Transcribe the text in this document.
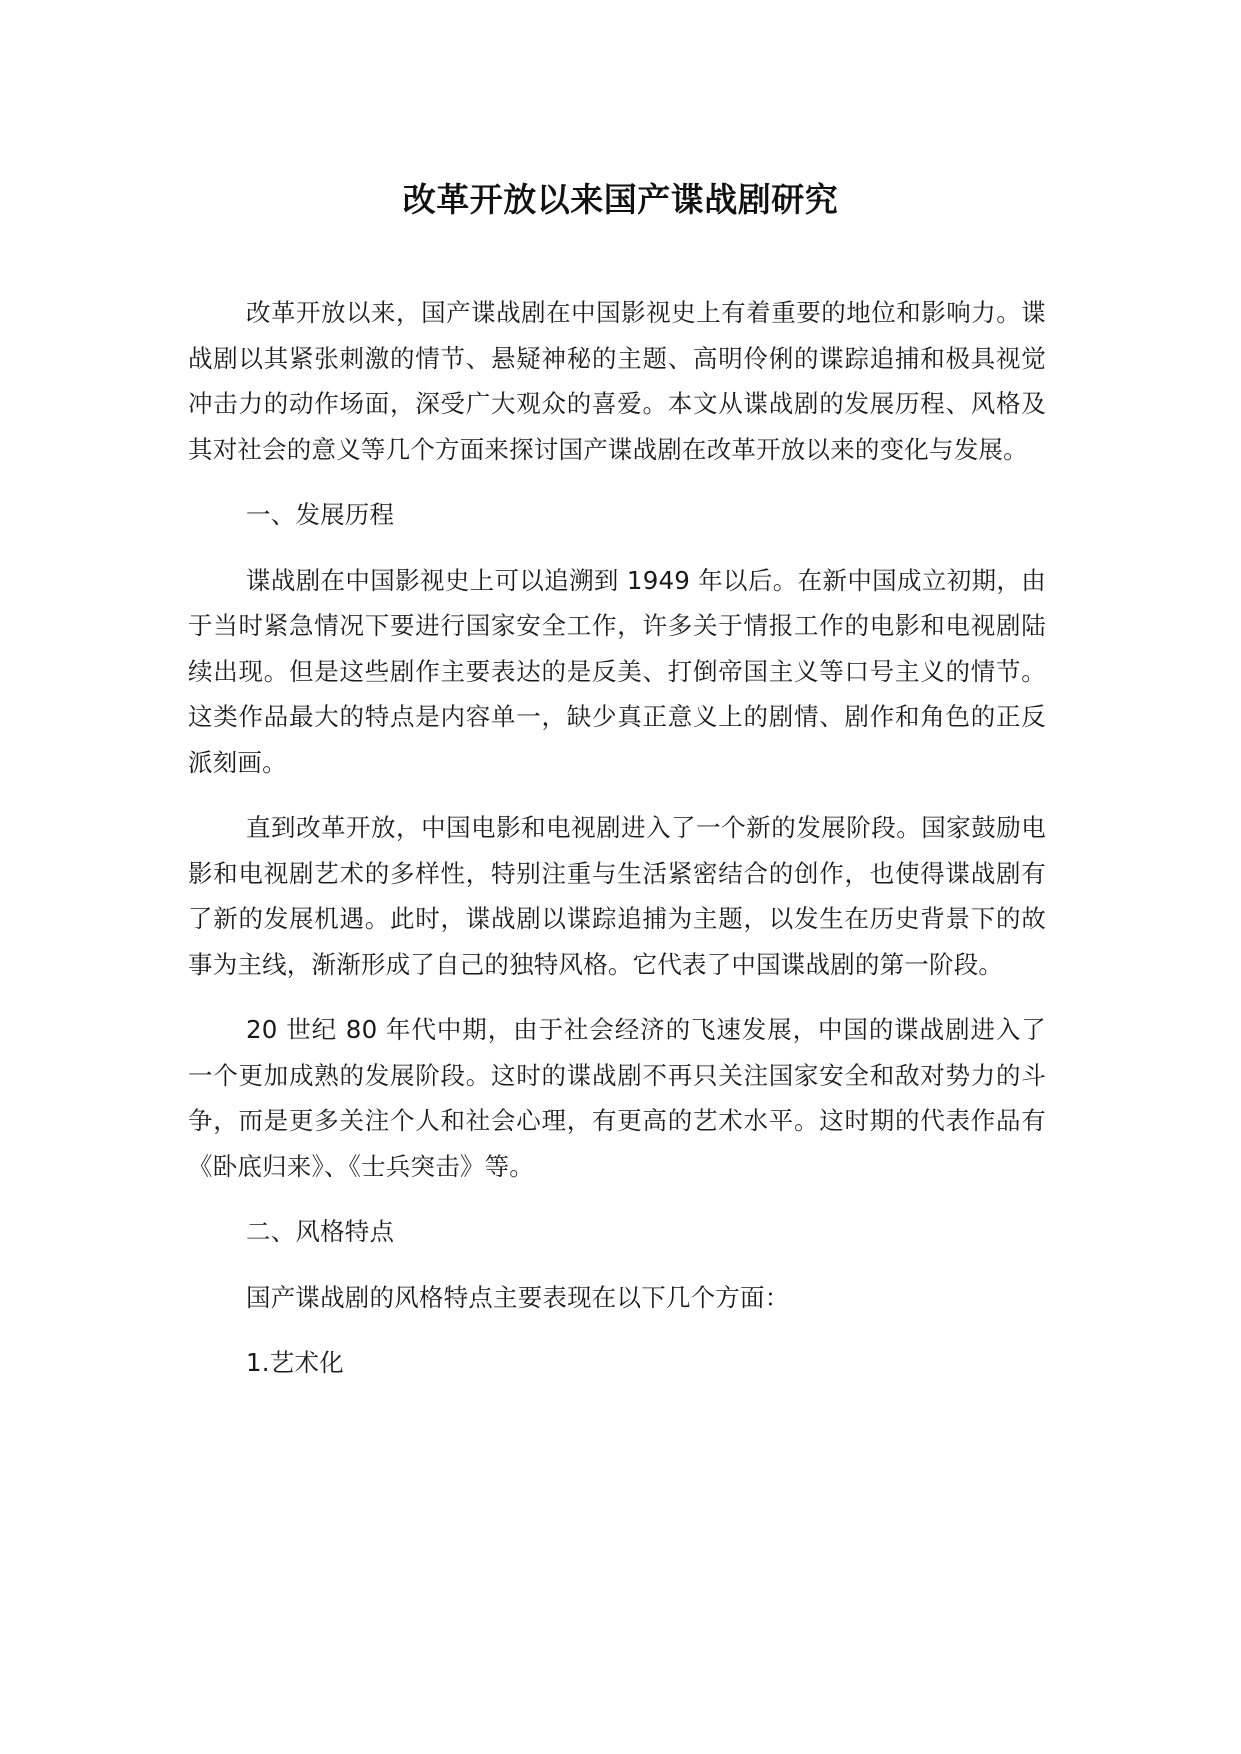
改革开放以来国产谍战剧研究

改革开放以来，国产谍战剧在中国影视史上有着重要的地位和影响力。谍战剧以其紧张刺激的情节、悬疑神秘的主题、高明伶俐的谍踪追捕和极具视觉冲击力的动作场面，深受广大观众的喜爱。本文从谍战剧的发展历程、风格及其对社会的意义等几个方面来探讨国产谍战剧在改革开放以来的变化与发展。

一、发展历程

谍战剧在中国影视史上可以追溯到 1949 年以后。在新中国成立初期，由于当时紧急情况下要进行国家安全工作，许多关于情报工作的电影和电视剧陆续出现。但是这些剧作主要表达的是反美、打倒帝国主义等口号主义的情节。这类作品最大的特点是内容单一，缺少真正意义上的剧情、剧作和角色的正反派刻画。

直到改革开放，中国电影和电视剧进入了一个新的发展阶段。国家鼓励电影和电视剧艺术的多样性，特别注重与生活紧密结合的创作，也使得谍战剧有了新的发展机遇。此时，谍战剧以谍踪追捕为主题，以发生在历史背景下的故事为主线，渐渐形成了自己的独特风格。它代表了中国谍战剧的第一阶段。

20 世纪 80 年代中期，由于社会经济的飞速发展，中国的谍战剧进入了一个更加成熟的发展阶段。这时的谍战剧不再只关注国家安全和敌对势力的斗争，而是更多关注个人和社会心理，有更高的艺术水平。这时期的代表作品有《卧底归来》、《士兵突击》等。

二、风格特点

国产谍战剧的风格特点主要表现在以下几个方面：

1.艺术化
